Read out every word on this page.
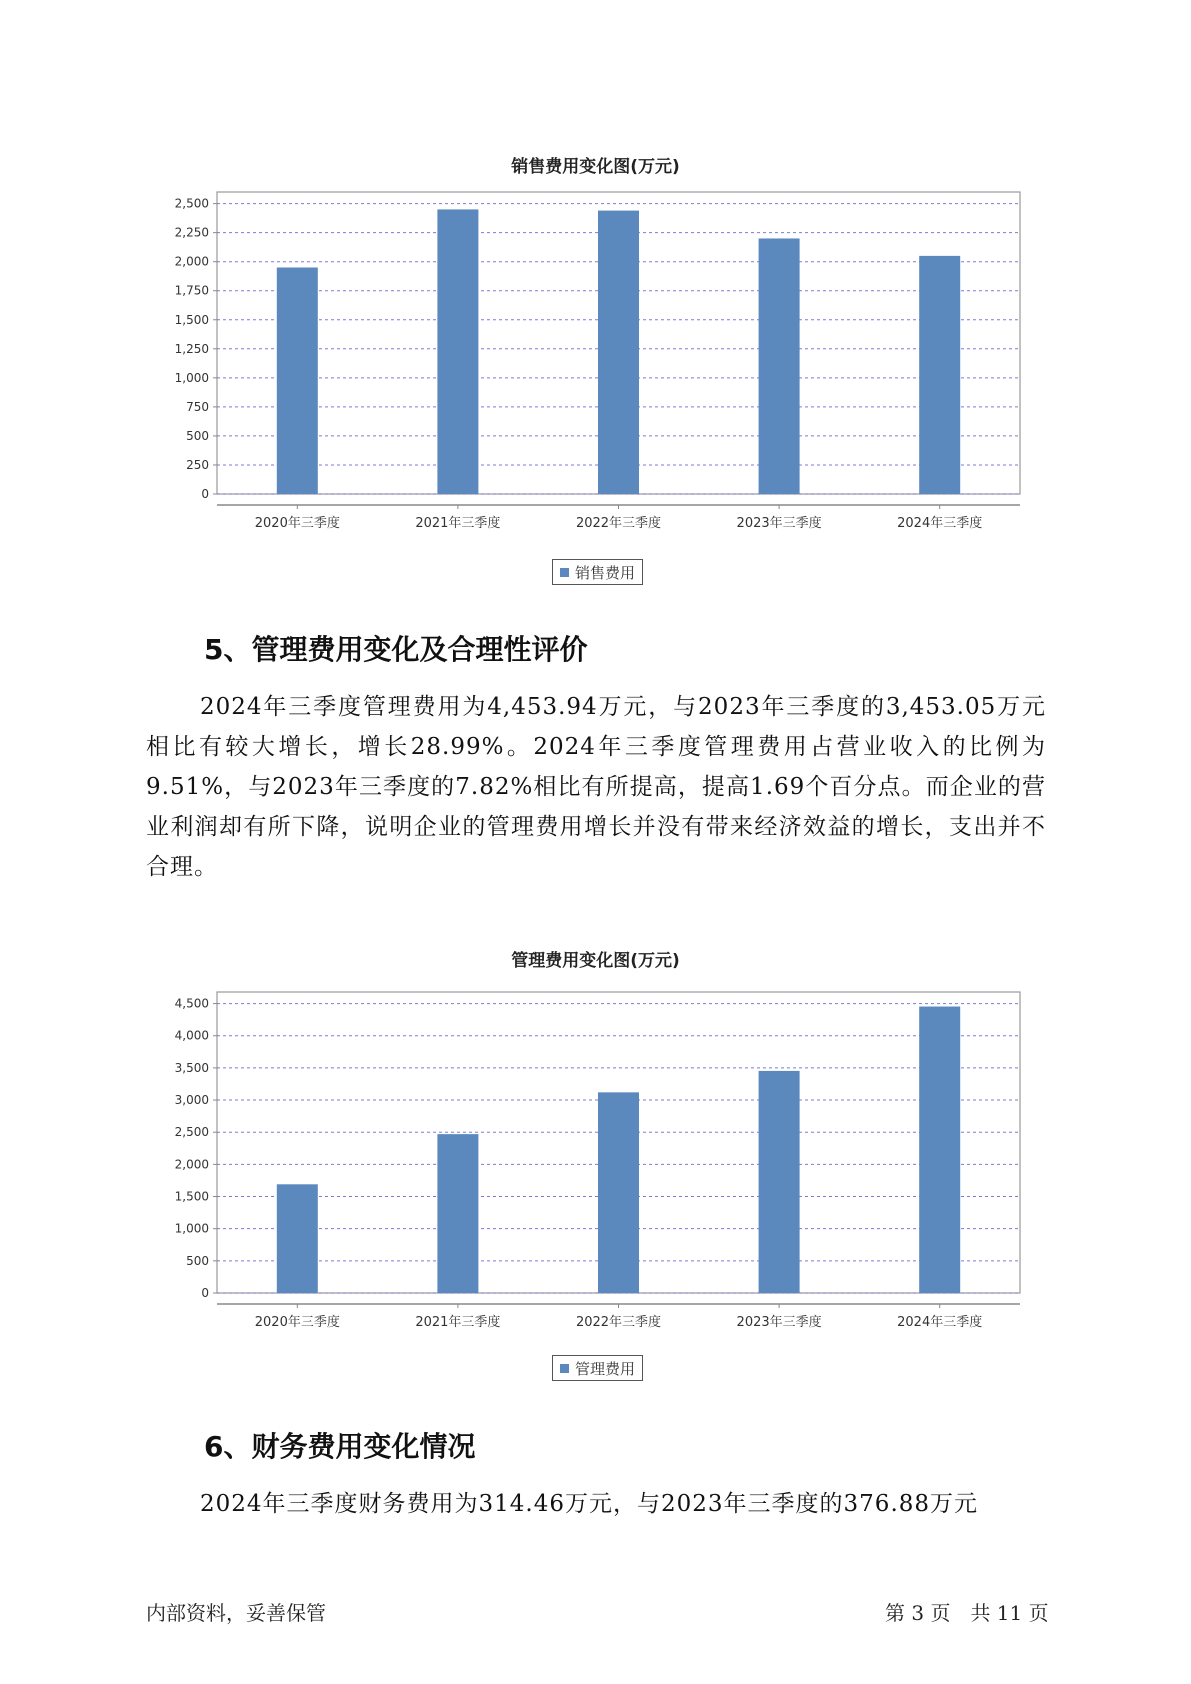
销售费用变化图(万元)
0
250
500
750
1,000
1,250
1,500
1,750
2,000
2,250
2,500
2020年三季度	2021年三季度	2022年三季度	2023年三季度	2024年三季度
销售费用
5、管理费用变化及合理性评价

2024年三季度管理费用为4,453.94万元，与2023年三季度的3,453.05万元相比有较大增长，增长28.99%。2024年三季度管理费用占营业收入的比例为9.51%，与2023年三季度的7.82%相比有所提高，提高1.69个百分点。而企业的营业利润却有所下降，说明企业的管理费用增长并没有带来经济效益的增长，支出并不合理。

管理费用变化图(万元)
0
500
1,000
1,500
2,000
2,500
3,000
3,500
4,000
4,500
2020年三季度	2021年三季度	2022年三季度	2023年三季度	2024年三季度
管理费用
6、财务费用变化情况

2024年三季度财务费用为314.46万元，与2023年三季度的376.88万元

内部资料，妥善保管	第 3 页　共 11 页
